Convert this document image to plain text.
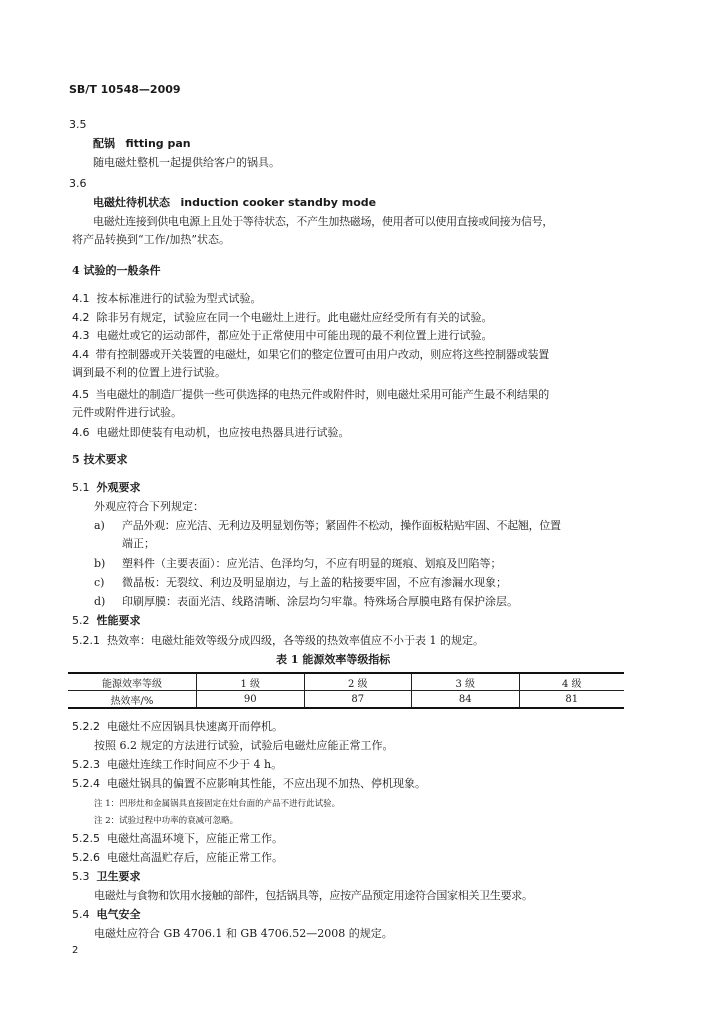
SB/T 10548—2009
3.5
配锅 fitting pan
随电磁灶整机一起提供给客户的锅具。
3.6
电磁灶待机状态 induction cooker standby mode
电磁灶连接到供电电源上且处于等待状态，不产生加热磁场，使用者可以使用直接或间接为信号，
将产品转换到“工作/加热”状态。
4 试验的一般条件
4.1 按本标准进行的试验为型式试验。
4.2 除非另有规定，试验应在同一个电磁灶上进行。此电磁灶应经受所有有关的试验。
4.3 电磁灶或它的运动部件，都应处于正常使用中可能出现的最不利位置上进行试验。
4.4 带有控制器或开关装置的电磁灶，如果它们的整定位置可由用户改动，则应将这些控制器或装置
调到最不利的位置上进行试验。
4.5 当电磁灶的制造厂提供一些可供选择的电热元件或附件时，则电磁灶采用可能产生最不利结果的
元件或附件进行试验。
4.6 电磁灶即使装有电动机，也应按电热器具进行试验。
5 技术要求
5.1 外观要求
外观应符合下列规定：
a) 产品外观：应光洁、无利边及明显划伤等；紧固件不松动，操作面板粘贴牢固、不起翘，位置
端正；
b) 塑料件（主要表面）：应光洁、色泽均匀，不应有明显的斑痕、划痕及凹陷等；
c) 微晶板：无裂纹、利边及明显崩边，与上盖的粘接要牢固，不应有渗漏水现象；
d) 印刷厚膜：表面光洁、线路清晰、涂层均匀牢靠。特殊场合厚膜电路有保护涂层。
5.2 性能要求
5.2.1 热效率：电磁灶能效等级分成四级，各等级的热效率值应不小于表 1 的规定。
表 1 能源效率等级指标
能源效率等级	1 级	2 级	3 级	4 级
热效率/%	90	87	84	81
5.2.2 电磁灶不应因锅具快速离开而停机。
按照 6.2 规定的方法进行试验，试验后电磁灶应能正常工作。
5.2.3 电磁灶连续工作时间应不少于 4 h。
5.2.4 电磁灶锅具的偏置不应影响其性能，不应出现不加热、停机现象。
注 1：凹形灶和金属锅具直接固定在灶台面的产品不进行此试验。
注 2：试验过程中功率的衰减可忽略。
5.2.5 电磁灶高温环境下，应能正常工作。
5.2.6 电磁灶高温贮存后，应能正常工作。
5.3 卫生要求
电磁灶与食物和饮用水接触的部件，包括锅具等，应按产品预定用途符合国家相关卫生要求。
5.4 电气安全
电磁灶应符合 GB 4706.1 和 GB 4706.52—2008 的规定。
2
